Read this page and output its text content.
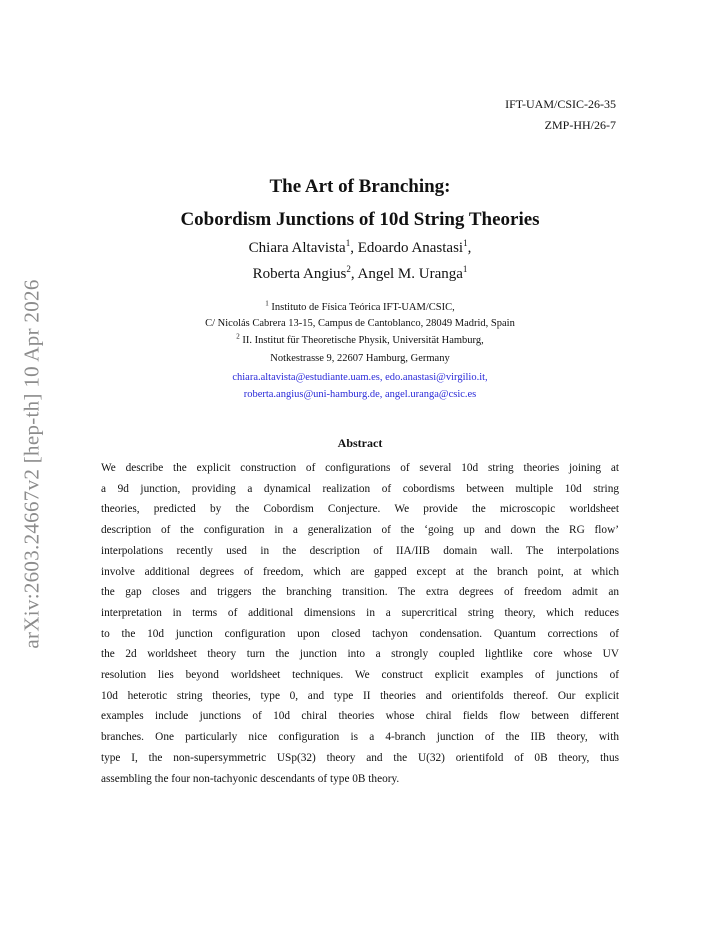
IFT-UAM/CSIC-26-35
ZMP-HH/26-7
The Art of Branching:
Cobordism Junctions of 10d String Theories
Chiara Altavista$^1$, Edoardo Anastasi$^1$,
Roberta Angius$^2$, Angel M. Uranga$^1$
$^1$ Instituto de Física Teórica IFT-UAM/CSIC,
C/ Nicolás Cabrera 13-15, Campus de Cantoblanco, 28049 Madrid, Spain
$^2$ II. Institut für Theoretische Physik, Universität Hamburg,
Notkestrasse 9, 22607 Hamburg, Germany
chiara.altavista@estudiante.uam.es, edo.anastasi@virgilio.it,
roberta.angius@uni-hamburg.de, angel.uranga@csic.es
Abstract
We describe the explicit construction of configurations of several 10d string theories joining at
a 9d junction, providing a dynamical realization of cobordisms between multiple 10d string
theories, predicted by the Cobordism Conjecture. We provide the microscopic worldsheet
description of the configuration in a generalization of the ‘going up and down the RG flow’
interpolations recently used in the description of IIA/IIB domain wall. The interpolations
involve additional degrees of freedom, which are gapped except at the branch point, at which
the gap closes and triggers the branching transition. The extra degrees of freedom admit an
interpretation in terms of additional dimensions in a supercritical string theory, which reduces
to the 10d junction configuration upon closed tachyon condensation. Quantum corrections of
the 2d worldsheet theory turn the junction into a strongly coupled lightlike core whose UV
resolution lies beyond worldsheet techniques. We construct explicit examples of junctions of
10d heterotic string theories, type 0, and type II theories and orientifolds thereof. Our explicit
examples include junctions of 10d chiral theories whose chiral fields flow between different
branches. One particularly nice configuration is a 4-branch junction of the IIB theory, with
type I, the non-supersymmetric USp(32) theory and the U(32) orientifold of 0B theory, thus
assembling the four non-tachyonic descendants of type 0B theory.
arXiv:2603.24667v2 [hep-th] 10 Apr 2026
